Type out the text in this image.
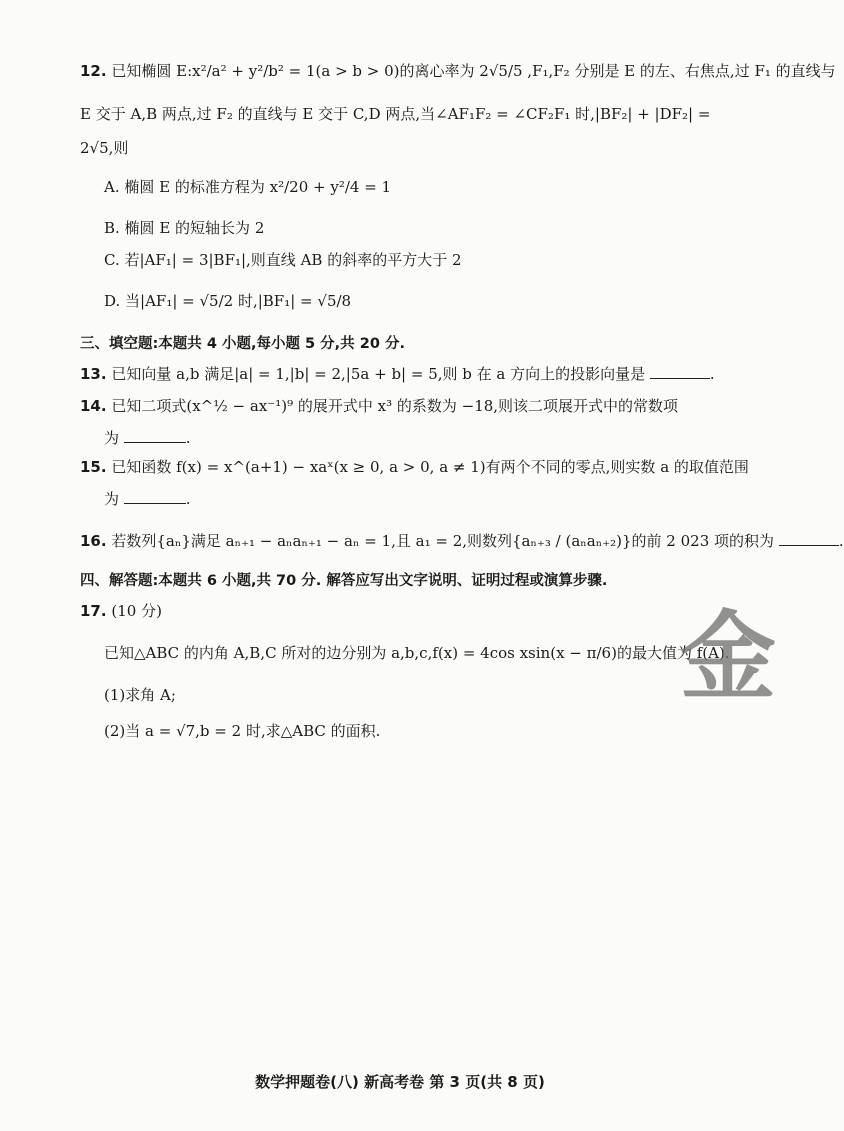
12. 已知椭圆 E:x²/a² + y²/b² = 1(a > b > 0)的离心率为 2√5/5 ,F₁,F₂ 分别是 E 的左、右焦点,过 F₁ 的直线与
E 交于 A,B 两点,过 F₂ 的直线与 E 交于 C,D 两点,当∠AF₁F₂ = ∠CF₂F₁ 时,|BF₂| + |DF₂| =
2√5,则
A. 椭圆 E 的标准方程为 x²/20 + y²/4 = 1
B. 椭圆 E 的短轴长为 2
C. 若|AF₁| = 3|BF₁|,则直线 AB 的斜率的平方大于 2
D. 当|AF₁| = √5/2 时,|BF₁| = √5/8
三、填空题:本题共 4 小题,每小题 5 分,共 20 分.
13. 已知向量 a,b 满足|a| = 1,|b| = 2,|5a + b| = 5,则 b 在 a 方向上的投影向量是	.
14. 已知二项式(x^½ − ax⁻¹)⁹ 的展开式中 x³ 的系数为 −18,则该二项展开式中的常数项
为	.
15. 已知函数 f(x) = x^(a+1) − xaˣ(x ≥ 0, a > 0, a ≠ 1)有两个不同的零点,则实数 a 的取值范围
为	.
16. 若数列{aₙ}满足 aₙ₊₁ − aₙaₙ₊₁ − aₙ = 1,且 a₁ = 2,则数列{aₙ₊₃ / (aₙaₙ₊₂)}的前 2 023 项的积为	.
四、解答题:本题共 6 小题,共 70 分. 解答应写出文字说明、证明过程或演算步骤.
17. (10 分)
已知△ABC 的内角 A,B,C 所对的边分别为 a,b,c,f(x) = 4cos xsin(x − π/6)的最大值为 f(A).
(1)求角 A;
(2)当 a = √7,b = 2 时,求△ABC 的面积.
金
数学押题卷(八) 新高考卷 第 3 页(共 8 页)
